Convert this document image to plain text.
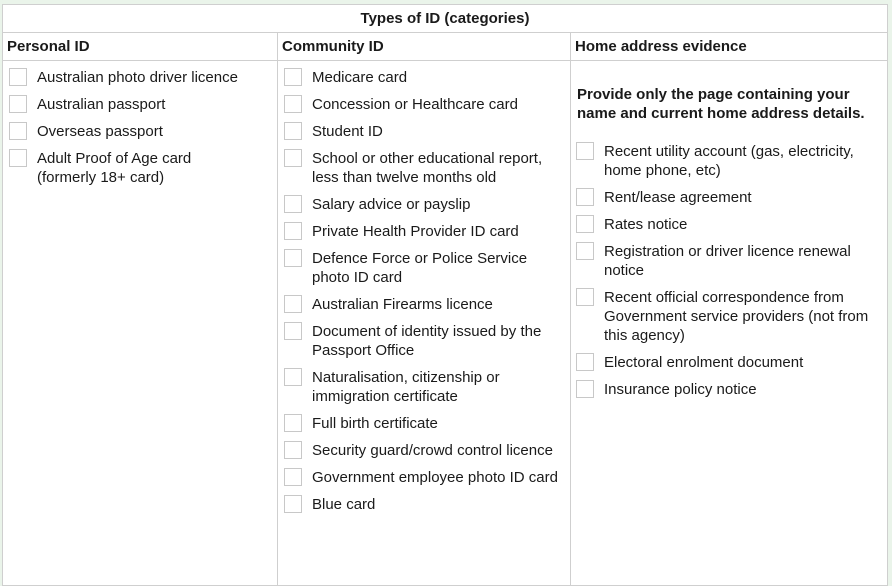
Types of ID (categories)
Personal ID
Australian photo driver licence
Australian passport
Overseas passport
Adult Proof of Age card
(formerly 18+ card)
Community ID
Medicare card
Concession or Healthcare card
Student ID
School or other educational report, less than twelve months old
Salary advice or payslip
Private Health Provider ID card
Defence Force or Police Service photo ID card
Australian Firearms licence
Document of identity issued by the Passport Office
Naturalisation, citizenship or immigration certificate
Full birth certificate
Security guard/crowd control licence
Government employee photo ID card
Blue card
Home address evidence
Provide only the page containing your name and current home address details.
Recent utility account (gas, electricity, home phone, etc)
Rent/lease agreement
Rates notice
Registration or driver licence renewal notice
Recent official correspondence from Government service providers (not from this agency)
Electoral enrolment document
Insurance policy notice
